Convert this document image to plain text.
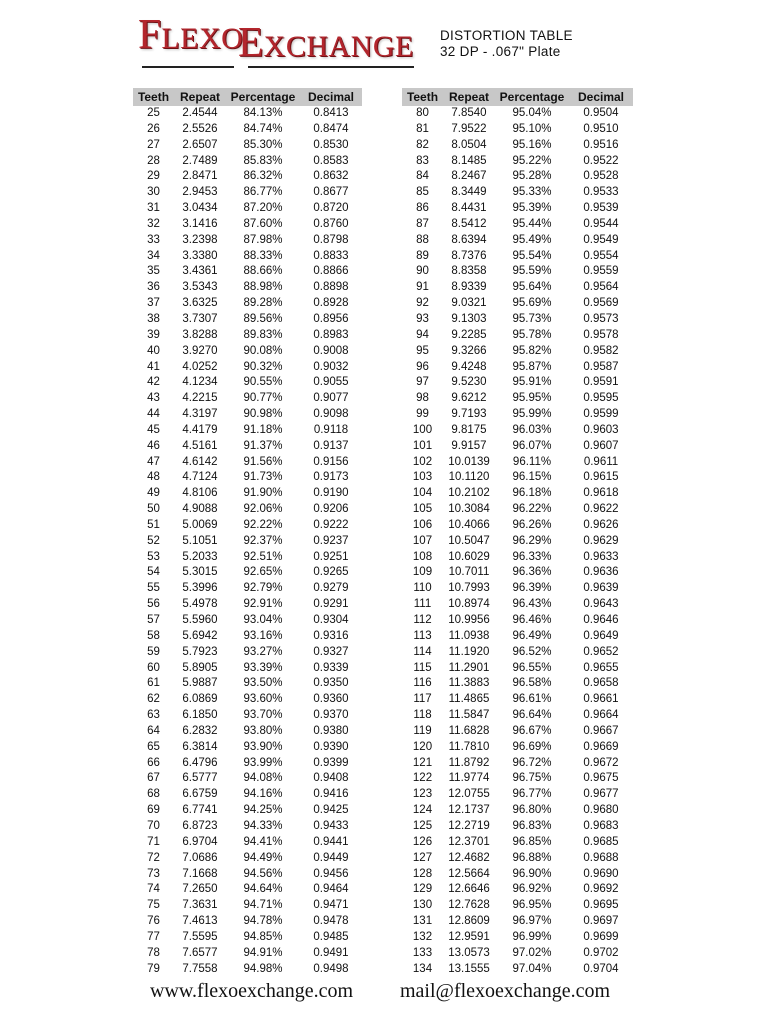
FLEXO
EXCHANGE DISTORTION TABLE
32 DP - .067" Plate
Teeth	Repeat	Percentage	Decimal
25	2.4544	84.13%	0.8413
26	2.5526	84.74%	0.8474
27	2.6507	85.30%	0.8530
28	2.7489	85.83%	0.8583
29	2.8471	86.32%	0.8632
30	2.9453	86.77%	0.8677
31	3.0434	87.20%	0.8720
32	3.1416	87.60%	0.8760
33	3.2398	87.98%	0.8798
34	3.3380	88.33%	0.8833
35	3.4361	88.66%	0.8866
36	3.5343	88.98%	0.8898
37	3.6325	89.28%	0.8928
38	3.7307	89.56%	0.8956
39	3.8288	89.83%	0.8983
40	3.9270	90.08%	0.9008
41	4.0252	90.32%	0.9032
42	4.1234	90.55%	0.9055
43	4.2215	90.77%	0.9077
44	4.3197	90.98%	0.9098
45	4.4179	91.18%	0.9118
46	4.5161	91.37%	0.9137
47	4.6142	91.56%	0.9156
48	4.7124	91.73%	0.9173
49	4.8106	91.90%	0.9190
50	4.9088	92.06%	0.9206
51	5.0069	92.22%	0.9222
52	5.1051	92.37%	0.9237
53	5.2033	92.51%	0.9251
54	5.3015	92.65%	0.9265
55	5.3996	92.79%	0.9279
56	5.4978	92.91%	0.9291
57	5.5960	93.04%	0.9304
58	5.6942	93.16%	0.9316
59	5.7923	93.27%	0.9327
60	5.8905	93.39%	0.9339
61	5.9887	93.50%	0.9350
62	6.0869	93.60%	0.9360
63	6.1850	93.70%	0.9370
64	6.2832	93.80%	0.9380
65	6.3814	93.90%	0.9390
66	6.4796	93.99%	0.9399
67	6.5777	94.08%	0.9408
68	6.6759	94.16%	0.9416
69	6.7741	94.25%	0.9425
70	6.8723	94.33%	0.9433
71	6.9704	94.41%	0.9441
72	7.0686	94.49%	0.9449
73	7.1668	94.56%	0.9456
74	7.2650	94.64%	0.9464
75	7.3631	94.71%	0.9471
76	7.4613	94.78%	0.9478
77	7.5595	94.85%	0.9485
78	7.6577	94.91%	0.9491
79	7.7558	94.98%	0.9498
Teeth	Repeat	Percentage	Decimal
80	7.8540	95.04%	0.9504
81	7.9522	95.10%	0.9510
82	8.0504	95.16%	0.9516
83	8.1485	95.22%	0.9522
84	8.2467	95.28%	0.9528
85	8.3449	95.33%	0.9533
86	8.4431	95.39%	0.9539
87	8.5412	95.44%	0.9544
88	8.6394	95.49%	0.9549
89	8.7376	95.54%	0.9554
90	8.8358	95.59%	0.9559
91	8.9339	95.64%	0.9564
92	9.0321	95.69%	0.9569
93	9.1303	95.73%	0.9573
94	9.2285	95.78%	0.9578
95	9.3266	95.82%	0.9582
96	9.4248	95.87%	0.9587
97	9.5230	95.91%	0.9591
98	9.6212	95.95%	0.9595
99	9.7193	95.99%	0.9599
100	9.8175	96.03%	0.9603
101	9.9157	96.07%	0.9607
102	10.0139	96.11%	0.9611
103	10.1120	96.15%	0.9615
104	10.2102	96.18%	0.9618
105	10.3084	96.22%	0.9622
106	10.4066	96.26%	0.9626
107	10.5047	96.29%	0.9629
108	10.6029	96.33%	0.9633
109	10.7011	96.36%	0.9636
110	10.7993	96.39%	0.9639
111	10.8974	96.43%	0.9643
112	10.9956	96.46%	0.9646
113	11.0938	96.49%	0.9649
114	11.1920	96.52%	0.9652
115	11.2901	96.55%	0.9655
116	11.3883	96.58%	0.9658
117	11.4865	96.61%	0.9661
118	11.5847	96.64%	0.9664
119	11.6828	96.67%	0.9667
120	11.7810	96.69%	0.9669
121	11.8792	96.72%	0.9672
122	11.9774	96.75%	0.9675
123	12.0755	96.77%	0.9677
124	12.1737	96.80%	0.9680
125	12.2719	96.83%	0.9683
126	12.3701	96.85%	0.9685
127	12.4682	96.88%	0.9688
128	12.5664	96.90%	0.9690
129	12.6646	96.92%	0.9692
130	12.7628	96.95%	0.9695
131	12.8609	96.97%	0.9697
132	12.9591	96.99%	0.9699
133	13.0573	97.02%	0.9702
134	13.1555	97.04%	0.9704
www.flexoexchange.com mail@flexoexchange.com
